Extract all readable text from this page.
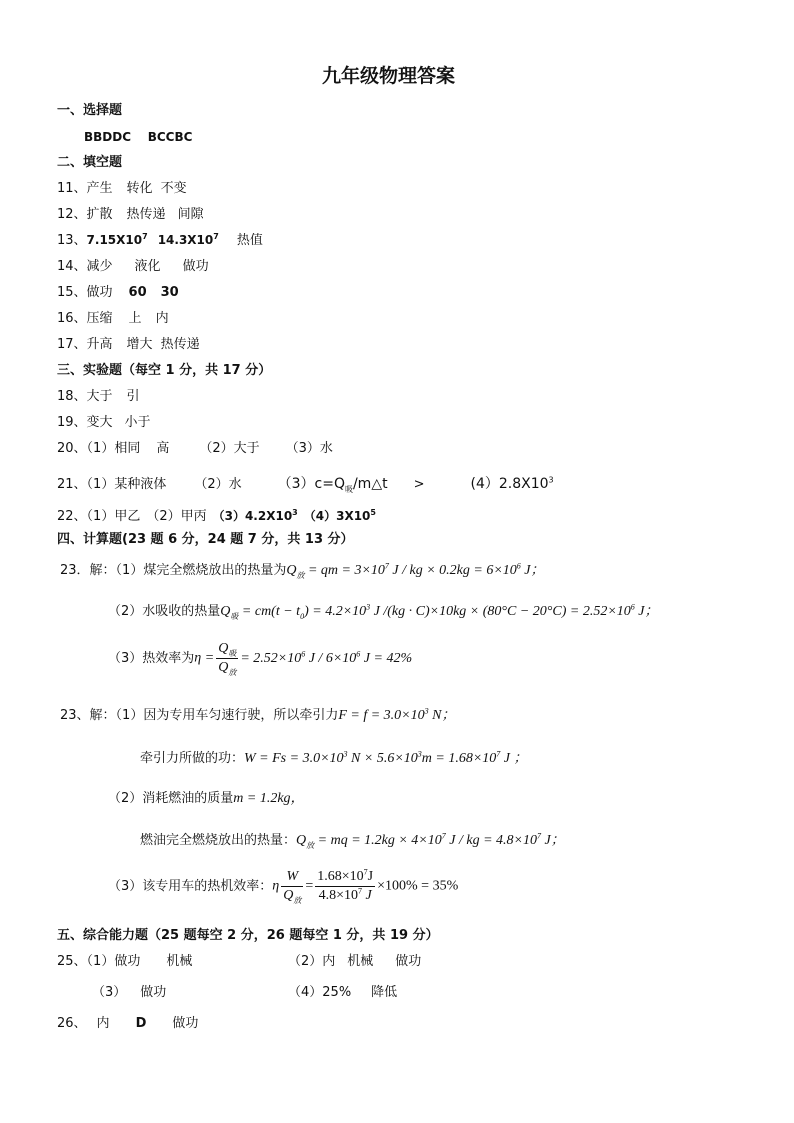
九年级物理答案
一、选择题
BBDDC    BCCBC
二、填空题
11、产生 转化 不变
12、扩散 热传递 间隙
13、$7.15X10^7$ $14.3X10^7$ 热值
14、减少 液化 做功
15、做功 60 30
16、压缩 上 内
17、升高 增大 热传递
三、实验题（每空 1 分，共 17 分）
18、大于 引
19、变大 小于
20、（1）相同 高 （2）大于 （3）水
21、（1）某种液体 （2）水	$(3)c=Q_吸/m\triangle t$ >	$(4)2.8X10^3$
22、（1）甲乙 （2）甲丙 $(3)4.2X10^3$ $(4)3X10^5$
四、计算题(23 题 6 分，24 题 7 分，共 13 分）
23．解：（1）煤完全燃烧放出的热量为$Q_放$ = qm = $3\times 10^7$ J / kg × $0.2kg = 6\times 10^6$ J；
（2）水吸收的热量$Q_吸 = cm(t - t_0) = 4.2\times 10^3$ J $/(kg \cdot C)\times 10kg \times (80^\circ C - 20^\circ C) = 2.52\times 10^6$ J；
（3）热效率为$\eta = \frac{Q_吸}{Q_放} = 2.52\times 10^6$ $J / 6\times 10^6$ J = 42%
23、解：（1）因为专用车匀速行驶，所以牵引力$F = f = 3.0\times 10^3$ N；
牵引力所做的功：$W = Fs = 3.0\times 10^3$ $N \times 5.6\times 10^3m = 1.68\times 10^7$ J ；
（2）消耗燃油的质量m = 1.2kg，
燃油完全燃烧放出的热量：$Q_放$ = mq = $1.2kg \times 4\times 10^7$ J / kg = $4.8\times 10^7$ J；
（3）该专用车的热机效率：η $\frac{W}{Q_放} = \frac{1.68\times 10^7J}{4.8\times 10^7 J} \times 100\% = 35\%$
五、综合能力题（25 题每空 2 分，26 题每空 1 分，共 19 分）
25、（1）做功 机械	（2）内 机械 做功
（3） 做功	（4）25% 降低
26、 内 D 做功
